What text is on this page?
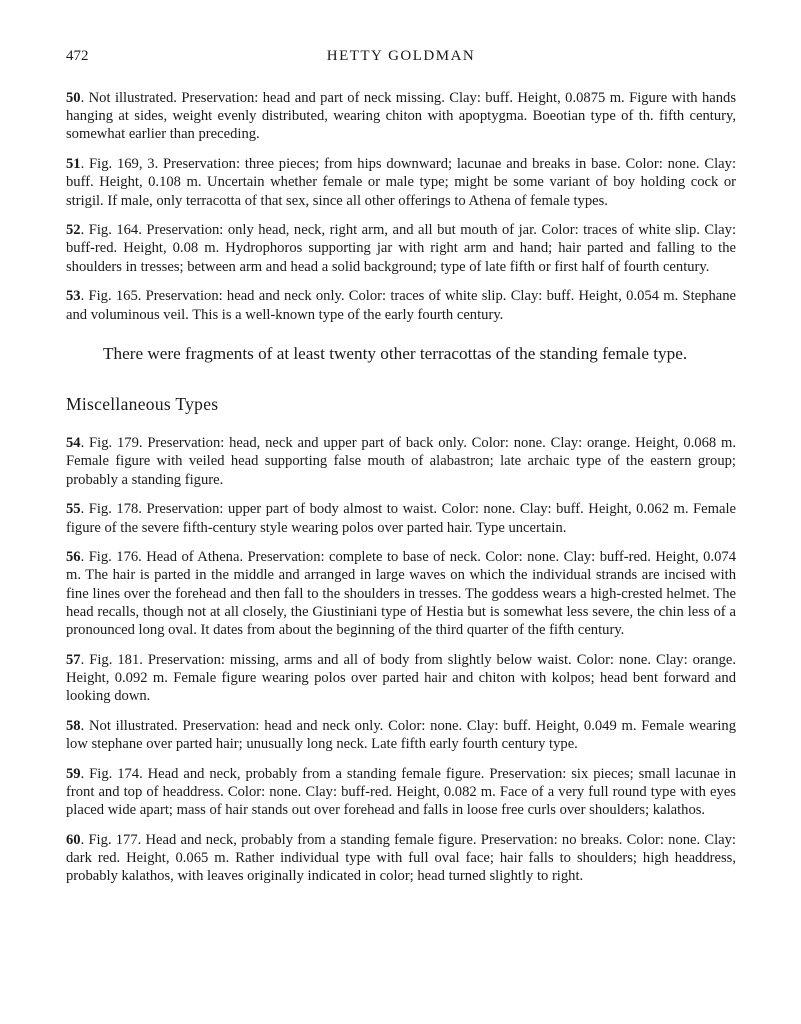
472	HETTY GOLDMAN

50. Not illustrated. Preservation: head and part of neck missing. Clay: buff. Height, 0.0875 m. Figure with hands hanging at sides, weight evenly distributed, wearing chiton with apoptygma. Boeotian type of th. fifth century, somewhat earlier than preceding.

51. Fig. 169, 3. Preservation: three pieces; from hips downward; lacunae and breaks in base. Color: none. Clay: buff. Height, 0.108 m. Uncertain whether female or male type; might be some variant of boy holding cock or strigil. If male, only terracotta of that sex, since all other offerings to Athena of female types.

52. Fig. 164. Preservation: only head, neck, right arm, and all but mouth of jar. Color: traces of white slip. Clay: buff-red. Height, 0.08 m. Hydrophoros supporting jar with right arm and hand; hair parted and falling to the shoulders in tresses; between arm and head a solid background; type of late fifth or first half of fourth century.

53. Fig. 165. Preservation: head and neck only. Color: traces of white slip. Clay: buff. Height, 0.054 m. Stephane and voluminous veil. This is a well-known type of the early fourth century.

There were fragments of at least twenty other terracottas of the standing female type.

Miscellaneous Types

54. Fig. 179. Preservation: head, neck and upper part of back only. Color: none. Clay: orange. Height, 0.068 m. Female figure with veiled head supporting false mouth of alabastron; late archaic type of the eastern group; probably a standing figure.

55. Fig. 178. Preservation: upper part of body almost to waist. Color: none. Clay: buff. Height, 0.062 m. Female figure of the severe fifth-century style wearing polos over parted hair. Type uncertain.

56. Fig. 176. Head of Athena. Preservation: complete to base of neck. Color: none. Clay: buff-red. Height, 0.074 m. The hair is parted in the middle and arranged in large waves on which the individual strands are incised with fine lines over the forehead and then fall to the shoulders in tresses. The goddess wears a high-crested helmet. The head recalls, though not at all closely, the Giustiniani type of Hestia but is somewhat less severe, the chin less of a pronounced long oval. It dates from about the beginning of the third quarter of the fifth century.

57. Fig. 181. Preservation: missing, arms and all of body from slightly below waist. Color: none. Clay: orange. Height, 0.092 m. Female figure wearing polos over parted hair and chiton with kolpos; head bent forward and looking down.

58. Not illustrated. Preservation: head and neck only. Color: none. Clay: buff. Height, 0.049 m. Female wearing low stephane over parted hair; unusually long neck. Late fifth early fourth century type.

59. Fig. 174. Head and neck, probably from a standing female figure. Preservation: six pieces; small lacunae in front and top of headdress. Color: none. Clay: buff-red. Height, 0.082 m. Face of a very full round type with eyes placed wide apart; mass of hair stands out over forehead and falls in loose free curls over shoulders; kalathos.

60. Fig. 177. Head and neck, probably from a standing female figure. Preservation: no breaks. Color: none. Clay: dark red. Height, 0.065 m. Rather individual type with full oval face; hair falls to shoulders; high headdress, probably kalathos, with leaves originally indicated in color; head turned slightly to right.
